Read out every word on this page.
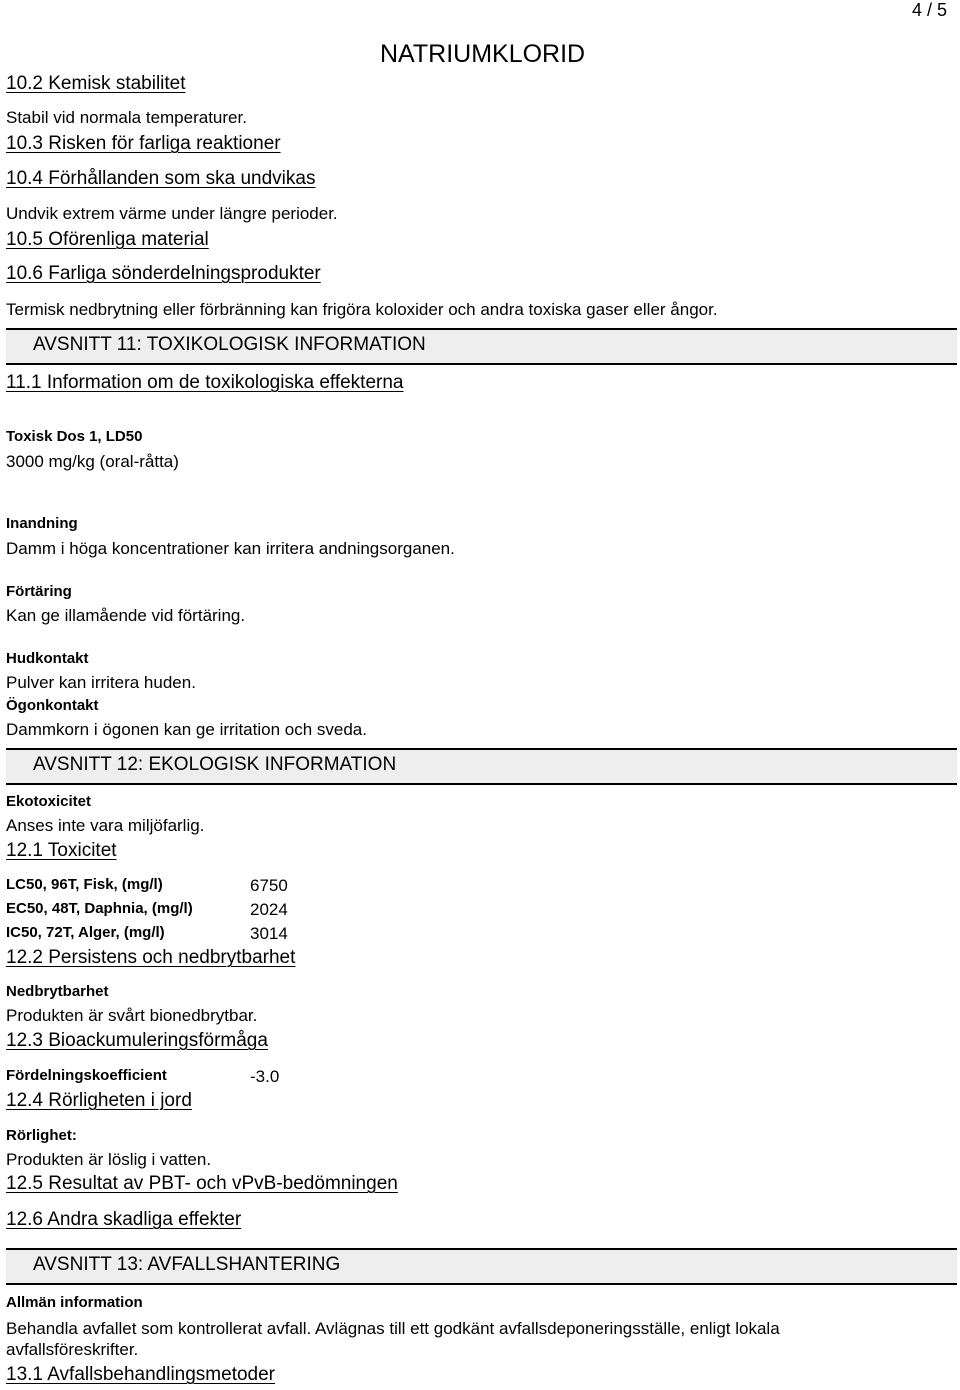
4 / 5
NATRIUMKLORID
10.2 Kemisk stabilitet
Stabil vid normala temperaturer.
10.3 Risken för farliga reaktioner
10.4 Förhållanden som ska undvikas
Undvik extrem värme under längre perioder.
10.5 Oförenliga material
10.6 Farliga sönderdelningsprodukter
Termisk nedbrytning eller förbränning kan frigöra koloxider och andra toxiska gaser eller ångor.
AVSNITT 11: TOXIKOLOGISK INFORMATION
11.1 Information om de toxikologiska effekterna
Toxisk Dos 1, LD50
3000 mg/kg (oral-råtta)
Inandning
Damm i höga koncentrationer kan irritera andningsorganen.
Förtäring
Kan ge illamående vid förtäring.
Hudkontakt
Pulver kan irritera huden.
Ögonkontakt
Dammkorn i ögonen kan ge irritation och sveda.
AVSNITT 12: EKOLOGISK INFORMATION
Ekotoxicitet
Anses inte vara miljöfarlig.
12.1 Toxicitet
LC50, 96T, Fisk, (mg/l)	6750
EC50, 48T, Daphnia, (mg/l)	2024
IC50, 72T, Alger, (mg/l)	3014
12.2 Persistens och nedbrytbarhet
Nedbrytbarhet
Produkten är svårt bionedbrytbar.
12.3 Bioackumuleringsförmåga
Fördelningskoefficient	-3.0
12.4 Rörligheten i jord
Rörlighet:
Produkten är löslig i vatten.
12.5 Resultat av PBT- och vPvB-bedömningen
12.6 Andra skadliga effekter
AVSNITT 13: AVFALLSHANTERING
Allmän information
Behandla avfallet som kontrollerat avfall. Avlägnas till ett godkänt avfallsdeponeringsställe, enligt lokala avfallsföreskrifter.
13.1 Avfallsbehandlingsmetoder
